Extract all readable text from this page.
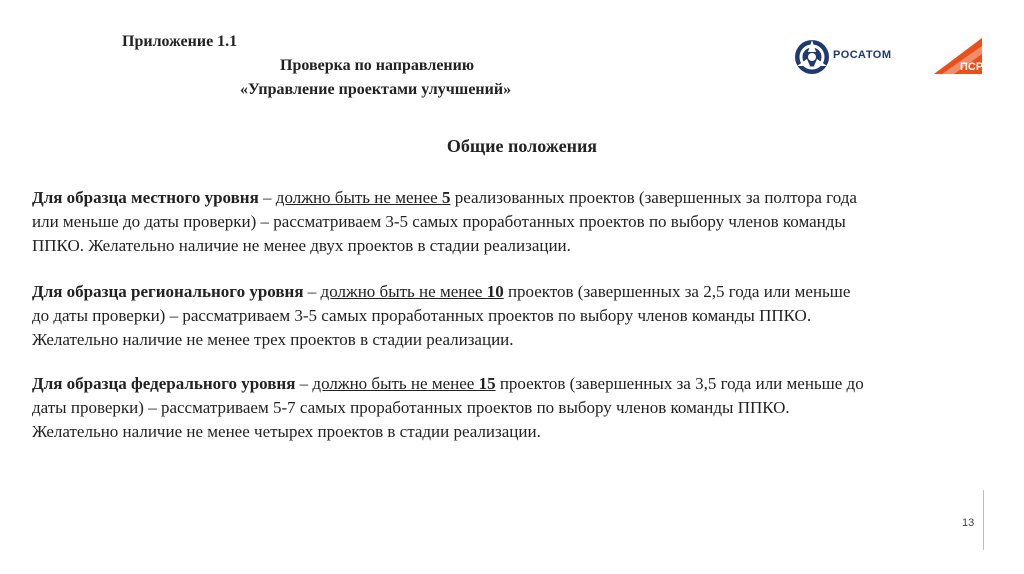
Приложение 1.1
Проверка по направлению
«Управление проектами улучшений»
РОСАТОМ
ПСР
Общие положения
Для образца местного уровня – должно быть не менее 5 реализованных проектов (завершенных за полтора года
или меньше до даты проверки) – рассматриваем 3-5 самых проработанных проектов по выбору членов команды
ППКО. Желательно наличие не менее двух проектов в стадии реализации.
Для образца регионального уровня – должно быть не менее 10 проектов (завершенных за 2,5 года или меньше
до даты проверки) – рассматриваем 3-5 самых проработанных проектов по выбору членов команды ППКО.
Желательно наличие не менее трех проектов в стадии реализации.
Для образца федерального уровня – должно быть не менее 15 проектов (завершенных за 3,5 года или меньше до
даты проверки) – рассматриваем 5-7 самых проработанных проектов по выбору членов команды ППКО.
Желательно наличие не менее четырех проектов в стадии реализации.
13
